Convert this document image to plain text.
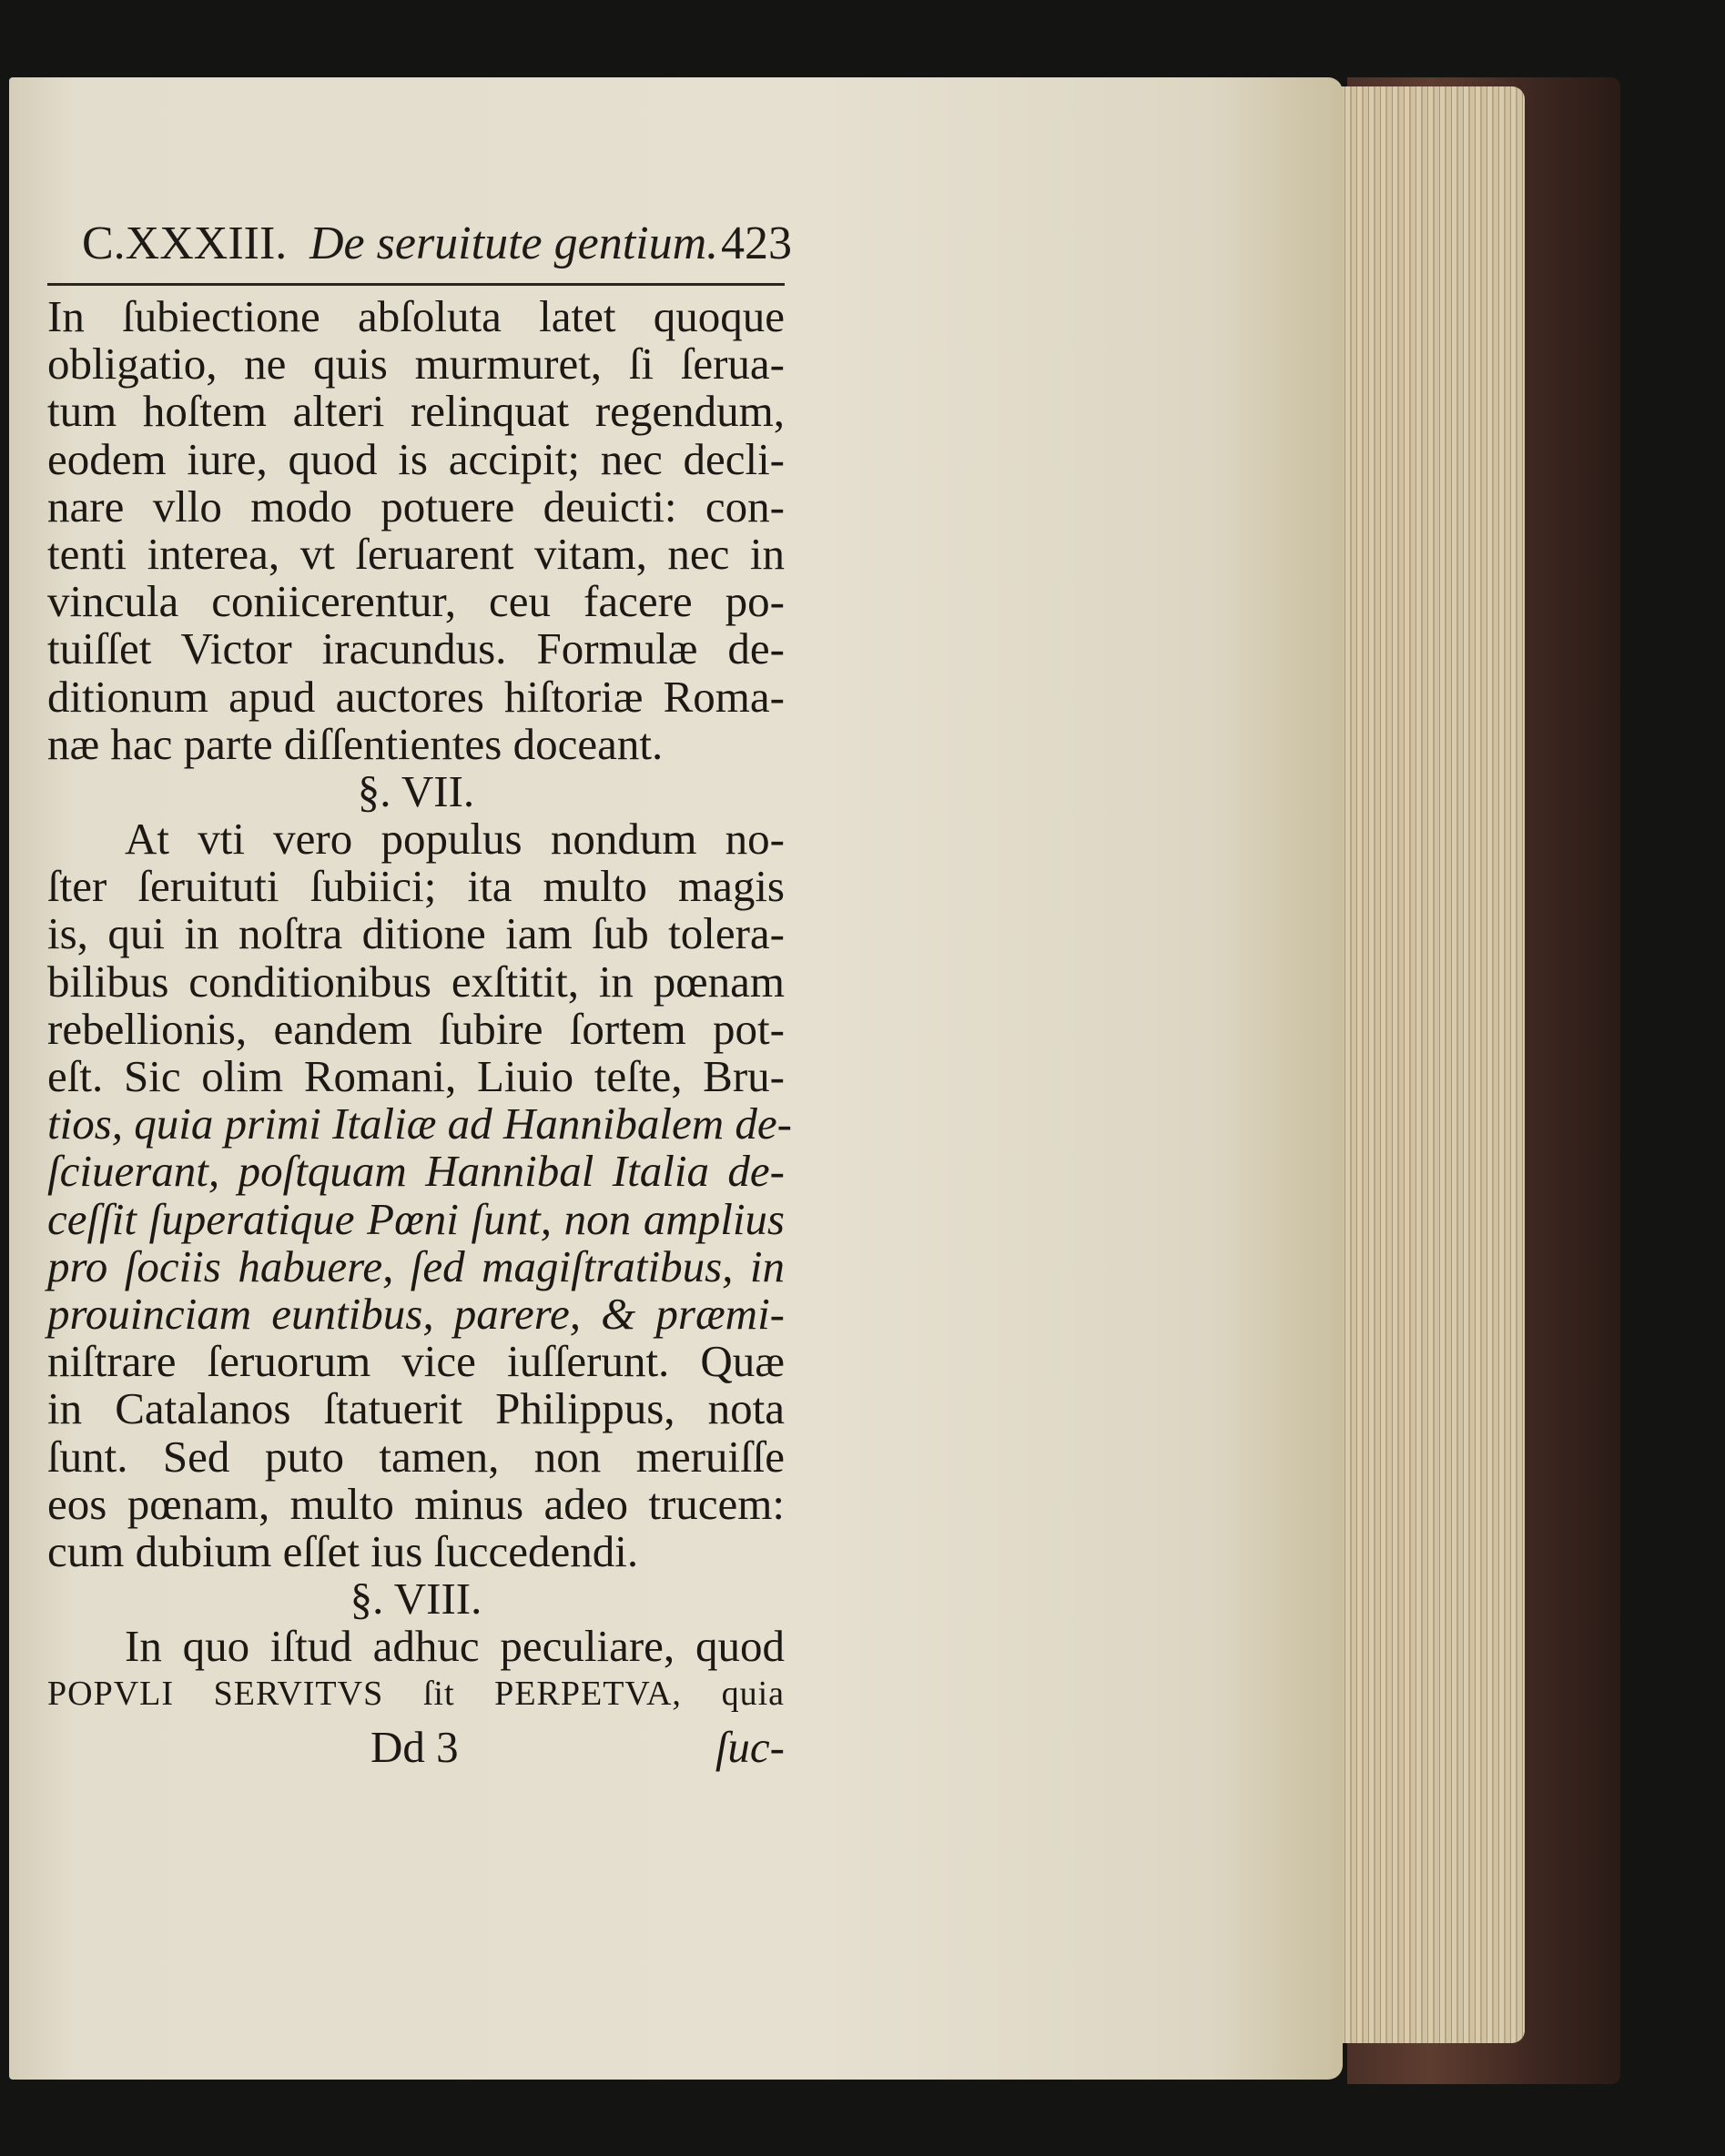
C.XXXIII. De seruitute gentium. 423
In ſubiectione abſoluta latet quoque
obligatio, ne quis murmuret, ſi ſerua-
tum hoſtem alteri relinquat regendum,
eodem iure, quod is accipit; nec decli-
nare vllo modo potuere deuicti: con-
tenti interea, vt ſeruarent vitam, nec in
vincula coniicerentur, ceu facere po-
tuiſſet Victor iracundus. Formulæ de-
ditionum apud auctores hiſtoriæ Roma-
næ hac parte diſſentientes doceant.
§. VII.
At vti vero populus nondum no-
ſter ſeruituti ſubiici; ita multo magis
is, qui in noſtra ditione iam ſub tolera-
bilibus conditionibus exſtitit, in pœnam
rebellionis, eandem ſubire ſortem pot-
eſt. Sic olim Romani, Liuio teſte, Bru-
tios, quia primi Italiæ ad Hannibalem de-
ſciuerant, poſtquam Hannibal Italia de-
ceſſit ſuperatique Pœni ſunt, non amplius
pro ſociis habuere, ſed magiſtratibus, in
prouinciam euntibus, parere, & præmi-
niſtrare ſeruorum vice iuſſerunt. Quæ
in Catalanos ſtatuerit Philippus, nota
ſunt. Sed puto tamen, non meruiſſe
eos pœnam, multo minus adeo trucem:
cum dubium eſſet ius ſuccedendi.
§. VIII.
In quo iſtud adhuc peculiare, quod
POPVLI SERVITVS ſit PERPETVA, quia
Dd 3	ſuc-
